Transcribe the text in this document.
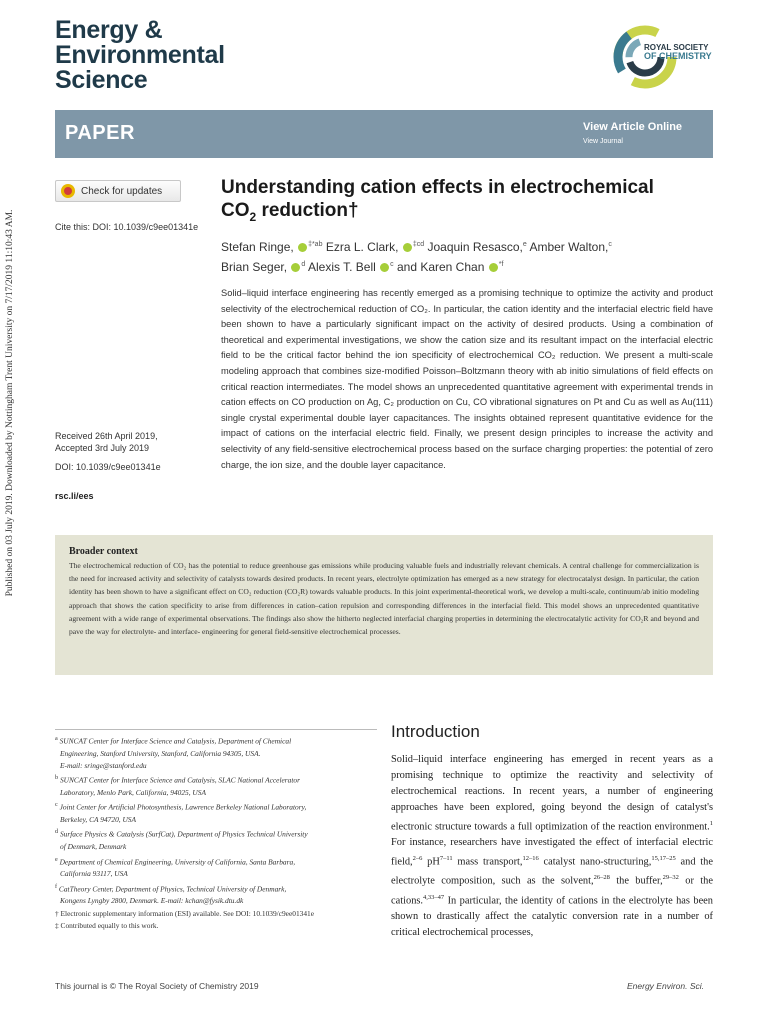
Published on 03 July 2019. Downloaded by Nottingham Trent University on 7/17/2019 11:10:43 AM.
Energy &
Environmental
Science
ROYAL SOCIETY
OF CHEMISTRY
PAPER	View Article Online
View Journal
Check for updates
Cite this: DOI: 10.1039/c9ee01341e
Understanding cation effects in electrochemical
$CO_2$ reduction†
Stefan Ringe, $^{\ddagger*ab}$ Ezra L. Clark, $^{\ddagger cd}$ Joaquin Resasco,$^e$ Amber Walton,$^c$
Brian Seger, $^d$ Alexis T. Bell $^c$ and Karen Chan $^{*f}$
Solid–liquid interface engineering has recently emerged as a promising technique to optimize the activity and product selectivity of the electrochemical reduction of CO₂. In particular, the cation identity and the interfacial electric field have been shown to have a particularly significant impact on the activity of desired products. Using a combination of theoretical and experimental investigations, we show the cation size and its resultant impact on the interfacial electric field to be the critical factor behind the ion specificity of electrochemical CO₂ reduction. We present a multi-scale modeling approach that combines size-modified Poisson–Boltzmann theory with ab initio simulations of field effects on critical reaction intermediates. The model shows an unprecedented quantitative agreement with experimental trends in cation effects on CO production on Ag, C₂ production on Cu, CO vibrational signatures on Pt and Cu as well as Au(111) single crystal experimental double layer capacitances. The insights obtained represent quantitative evidence for the impact of cations on the interfacial electric field. Finally, we present design principles to increase the activity and selectivity of any field-sensitive electrochemical process based on the surface charging properties: the potential of zero charge, the ion size, and the double layer capacitance.
Received 26th April 2019,
Accepted 3rd July 2019
DOI: 10.1039/c9ee01341e
rsc.li/ees
Broader context
The electrochemical reduction of CO₂ has the potential to reduce greenhouse gas emissions while producing valuable fuels and industrially relevant chemicals. A central challenge for commercialization is the need for increased activity and selectivity of catalysts towards desired products. In recent years, electrolyte optimization has emerged as a new strategy for electrocatalyst design. In particular, the cation identity has been shown to have a significant effect on CO₂ reduction (CO₂R) towards valuable products. In this joint experimental-theoretical work, we develop a multi-scale, continuum/ab initio modeling approach that shows the cation specificity to arise from differences in cation–cation repulsion and corresponding differences in the interfacial field. This model shows an unprecedented quantitative agreement with a wide range of experimental observations. The findings also show the hitherto neglected interfacial charging properties in determining the electrocatalytic activity for CO₂R and beyond and pave the way for electrolyte- and interface- engineering for general field-sensitive electrochemical processes.
$^a$ SUNCAT Center for Interface Science and Catalysis, Department of Chemical
Engineering, Stanford University, Stanford, California 94305, USA.
E-mail: sringe@stanford.edu
$^b$ SUNCAT Center for Interface Science and Catalysis, SLAC National Accelerator
Laboratory, Menlo Park, California, 94025, USA
$^c$ Joint Center for Artificial Photosynthesis, Lawrence Berkeley National Laboratory,
Berkeley, CA 94720, USA
$^d$ Surface Physics & Catalysis (SurfCat), Department of Physics Technical University
of Denmark, Denmark
$^e$ Department of Chemical Engineering, University of California, Santa Barbara,
California 93117, USA
$^f$ CatTheory Center, Department of Physics, Technical University of Denmark,
Kongens Lyngby 2800, Denmark. E-mail: kchan@fysik.dtu.dk
† Electronic supplementary information (ESI) available. See DOI: 10.1039/c9ee01341e
‡ Contributed equally to this work.
Introduction
Solid–liquid interface engineering has emerged in recent years as a promising technique to optimize the reactivity and selectivity of electrochemical reactions. In recent years, a number of engineering approaches have been explored, going beyond the design of catalyst's electronic structure towards a full optimization of the reaction environment.$^1$ For instance, researchers have investigated the effect of interfacial electric field,$^{2-6}$ $pH^{7-11}$ mass transport,$^{12-16}$ catalyst nano-structuring,$^{15,17-25}$ and the electrolyte composition, such as the solvent,$^{26-28}$ the buffer,$^{29-32}$ or the cations.$^{4,33-47}$ In particular, the identity of cations in the electrolyte has been shown to drastically affect the catalytic conversion rate in a number of critical electrochemical processes,
This journal is © The Royal Society of Chemistry 2019	Energy Environ. Sci.
